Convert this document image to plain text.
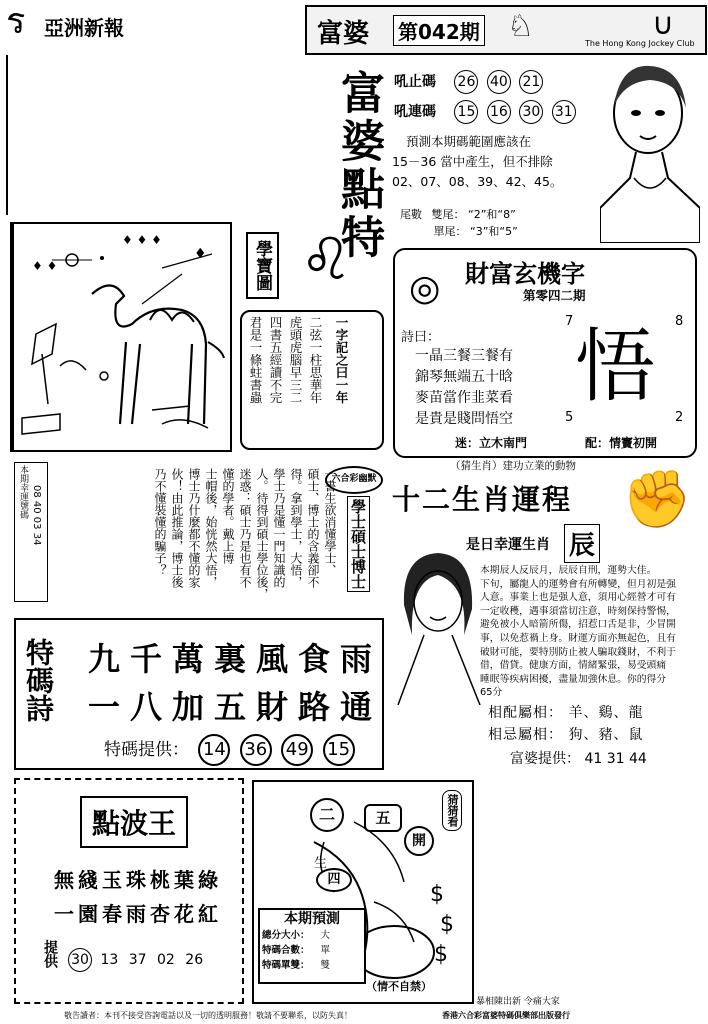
ร 亞洲新報	富婆 第042期 ♘	∪
The Hong Kong Jockey Club
富婆點特 吼止碼 26 40 21
吼連碼 15 16 30 31
預測本期碼範圍應該在
15－36 當中產生，但不排除
02、07、08、39、42、45。
尾數 雙尾： “2”和“8”
單尾： “3”和“5”
♦ ♦ ♦
♦ ♦
♦	學寶圖 ♌
君是一條蛀書蟲 四書五經讀不完 虎頭虎腦早三二 二弦一柱思華年 一字記之曰一年
財富玄機字
第零四二期
◎
詩曰：
一晶三餐三餐有
錦琴無端五十晗
麥苗當作韭菜看
是貴是賤問悟空
7	8
悟
5	2
迷：立木南門	配：情竇初開
（猜生肖）建功立業的動物
本期幸運號碼 08 40 03 34
六合彩幽默
學士碩士博士
一書生欲消懂學士、
碩士、博士的含義卻不
得。拿到學士，大悟，
學士乃是懂一門知識的
人。待得到碩士學位後，
迷惑：碩士乃是也有不
懂的學者。戴上博
士帽後，始恍然大悟，
博士乃什麼都不懂的家
伙！由此推論，博士後
乃不懂裝懂的騙子？	十二生肖運程 ✊
是日幸運生肖 辰
本期辰人反辰月，辰辰自刑，運勢大佳。
下旬，屬龍人的運勢會有所轉變，但月初是强
人意。事業上也是强人意，須用心經營才可有
一定收穫，遇事須當切注意，時刻保持警惕，
避免被小人暗箭所傷，招惹口舌是非，少冒開
事，以免惹禍上身。財運方面亦無起色，且有
破財可能，要特別防止被人騙取錢財，不利于
借，借貸。健康方面，情緒緊張，易受頭痛
睡眠等疾病困擾，盡量加強休息。你的得分
65分
相配屬相： 羊、鷄、龍
相忌屬相： 狗、豬、鼠
富婆提供： 41 31 44
特碼詩 九千萬裏風食雨
一八加五財路通
特碼提供： 14 36 49 15
點波王
無綫玉珠桃葉綠
一園春雨杏花紅
提供 30 13 37 02 26
二	五
開
生
四
猜猜看
本期預測
總分大小： 大
特碼合數： 單
特碼單雙： 雙
$
$
$
（情不自禁）
暴相陳出新 令痛大家
敬告讀者：本刊不接受咨詢電話以及一切的透明服務！敬請不要聯系，以防失真！	香港六合彩富婆特碼俱樂部出版發行
